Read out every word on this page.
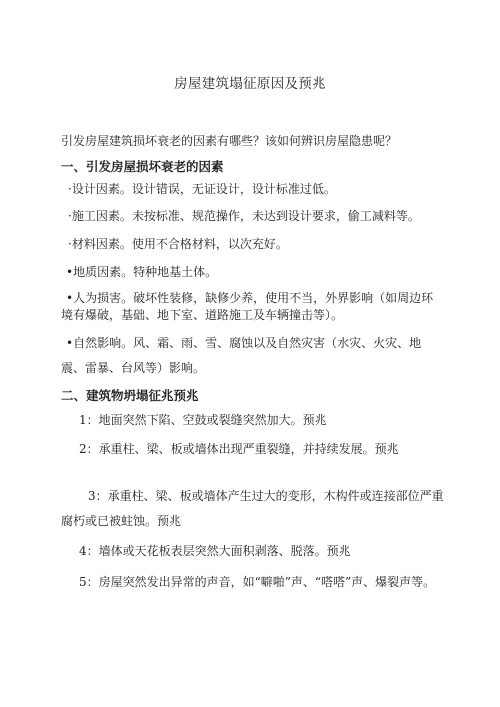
房屋建筑塌征原因及预兆
引发房屋建筑损坏衰老的因素有哪些？该如何辨识房屋隐患呢？
一、引发房屋损坏衰老的因素
·设计因素。设计错误，无证设计，设计标准过低。
·施工因素。未按标准、规范操作，未达到设计要求，偷工减料等。
·材料因素。使用不合格材料，以次充好。
•地质因素。特种地基土体。
•人为损害。破坏性装修，缺修少养，使用不当，外界影响（如周边环境有爆破，基础、地下室、道路施工及车辆撞击等）。
•自然影响。风、霜、雨、雪、腐蚀以及自然灾害（水灾、火灾、地震、雷暴、台风等）影响。
二、建筑物坍塌征兆预兆
1：地面突然下陷、空鼓或裂缝突然加大。预兆
2：承重柱、梁、板或墙体出现严重裂缝，并持续发展。预兆
3：承重柱、梁、板或墙体产生过大的变形，木构件或连接部位严重腐朽或已被蛀蚀。预兆
4：墙体或天花板表层突然大面积剥落、脱落。预兆
5：房屋突然发出异常的声音，如“噼啪”声、“嗒嗒”声、爆裂声等。
